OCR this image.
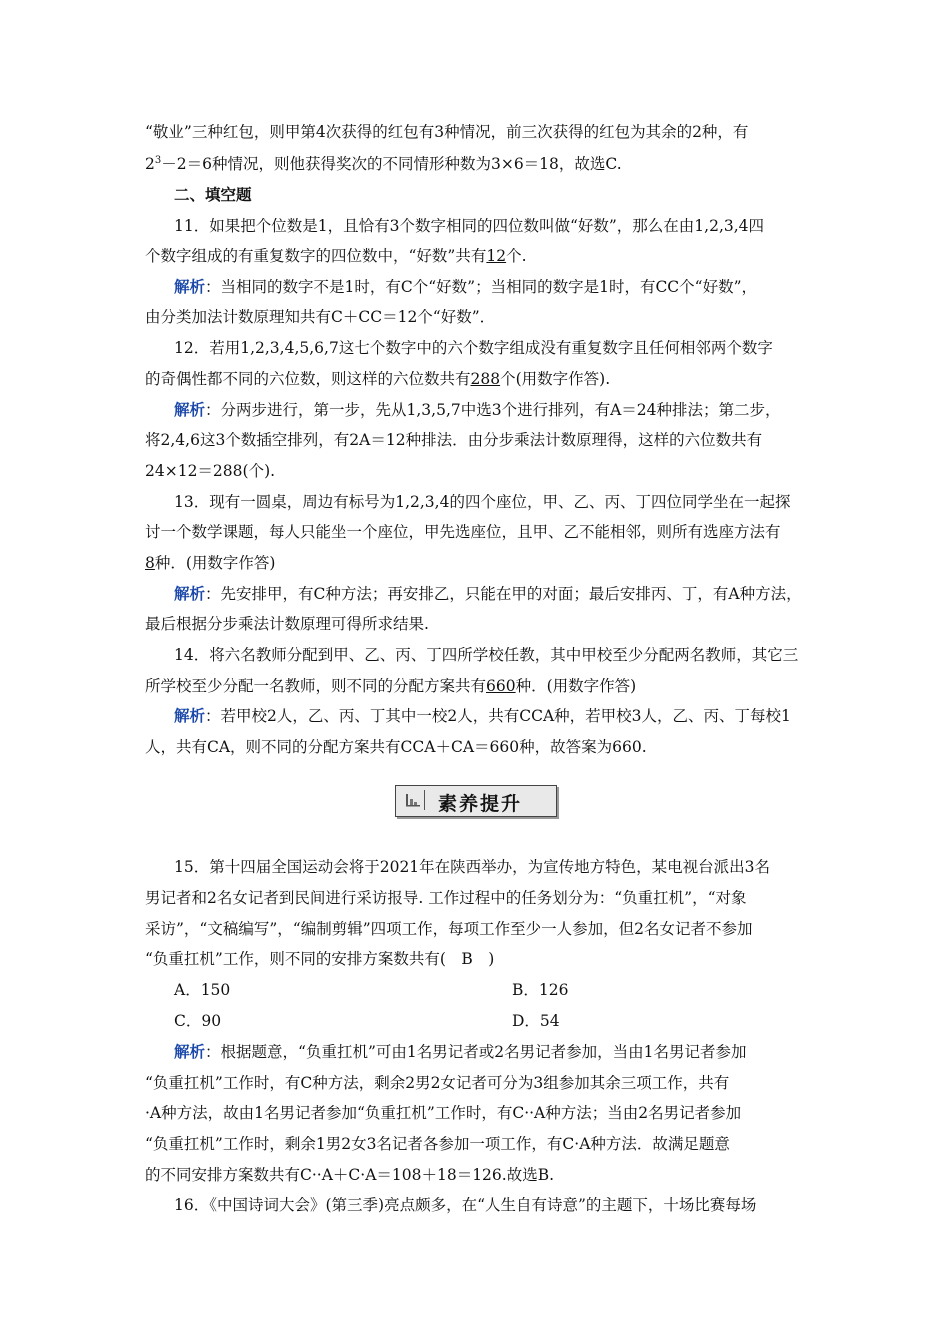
“敬业”三种红包，则甲第4次获得的红包有3种情况，前三次获得的红包为其余的2种，有
$2^3-2=6$种情况，则他获得奖次的不同情形种数为3×6＝18，故选C.
二、填空题
11．如果把个位数是1，且恰有3个数字相同的四位数叫做“好数”，那么在由1,2,3,4四
个数字组成的有重复数字的四位数中，“好数”共有12个.
解析：当相同的数字不是1时，有C个“好数”；当相同的数字是1时，有CC个“好数”，
由分类加法计数原理知共有C＋CC＝12个“好数”．
12．若用1,2,3,4,5,6,7这七个数字中的六个数字组成没有重复数字且任何相邻两个数字
的奇偶性都不同的六位数，则这样的六位数共有288个(用数字作答).
解析：分两步进行，第一步，先从1,3,5,7中选3个进行排列，有A＝24种排法；第二步，
将2,4,6这3个数插空排列，有2A＝12种排法．由分步乘法计数原理得，这样的六位数共有
24×12＝288(个).
13．现有一圆桌，周边有标号为1,2,3,4的四个座位，甲、乙、丙、丁四位同学坐在一起探
讨一个数学课题，每人只能坐一个座位，甲先选座位，且甲、乙不能相邻，则所有选座方法有
8种．(用数字作答)
解析：先安排甲，有C种方法；再安排乙，只能在甲的对面；最后安排丙、丁，有A种方法，
最后根据分步乘法计数原理可得所求结果.
14．将六名教师分配到甲、乙、丙、丁四所学校任教，其中甲校至少分配两名教师，其它三
所学校至少分配一名教师，则不同的分配方案共有660种．(用数字作答)
解析：若甲校2人，乙、丙、丁其中一校2人，共有CCA种，若甲校3人，乙、丙、丁每校1
人，共有CA，则不同的分配方案共有CCA＋CA＝660种，故答案为660.
素养提升
15．第十四届全国运动会将于2021年在陕西举办，为宣传地方特色，某电视台派出3名
男记者和2名女记者到民间进行采访报导. 工作过程中的任务划分为：“负重扛机”，“对象
采访”，“文稿编写”，“编制剪辑”四项工作，每项工作至少一人参加，但2名女记者不参加
“负重扛机”工作，则不同的安排方案数共有(　B　)
A．150	B．126
C．90	D．54
解析：根据题意，“负重扛机”可由1名男记者或2名男记者参加，当由1名男记者参加
“负重扛机”工作时，有C种方法，剩余2男2女记者可分为3组参加其余三项工作，共有
·A种方法，故由1名男记者参加“负重扛机”工作时，有C··A种方法；当由2名男记者参加
“负重扛机”工作时，剩余1男2女3名记者各参加一项工作，有C·A种方法．故满足题意
的不同安排方案数共有C··A＋C·A＝108＋18＝126.故选B.
16．《中国诗词大会》(第三季)亮点颇多，在“人生自有诗意”的主题下，十场比赛每场
